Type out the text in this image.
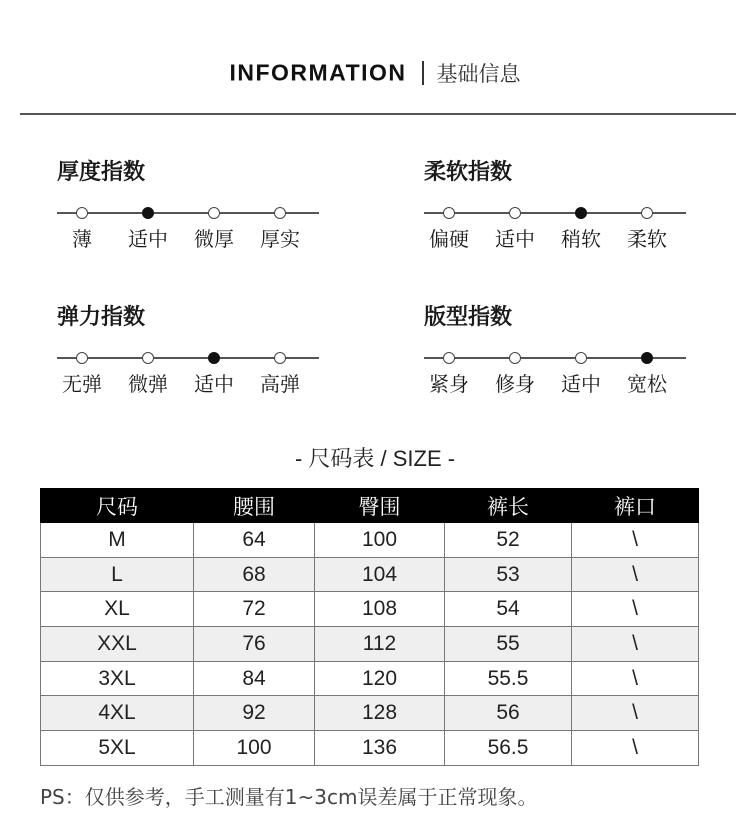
INFORMATION 基础信息
厚度指数
薄	适中	微厚	厚实
柔软指数
偏硬	适中	稍软	柔软
弹力指数
无弹	微弹	适中	高弹
版型指数
紧身	修身	适中	宽松
- 尺码表 / SIZE -
尺码	腰围	臀围	裤长	裤口
M	64	100	52	\
L	68	104	53	\
XL	72	108	54	\
XXL	76	112	55	\
3XL	84	120	55.5	\
4XL	92	128	56	\
5XL	100	136	56.5	\
PS：仅供参考，手工测量有1~3cm误差属于正常现象。
